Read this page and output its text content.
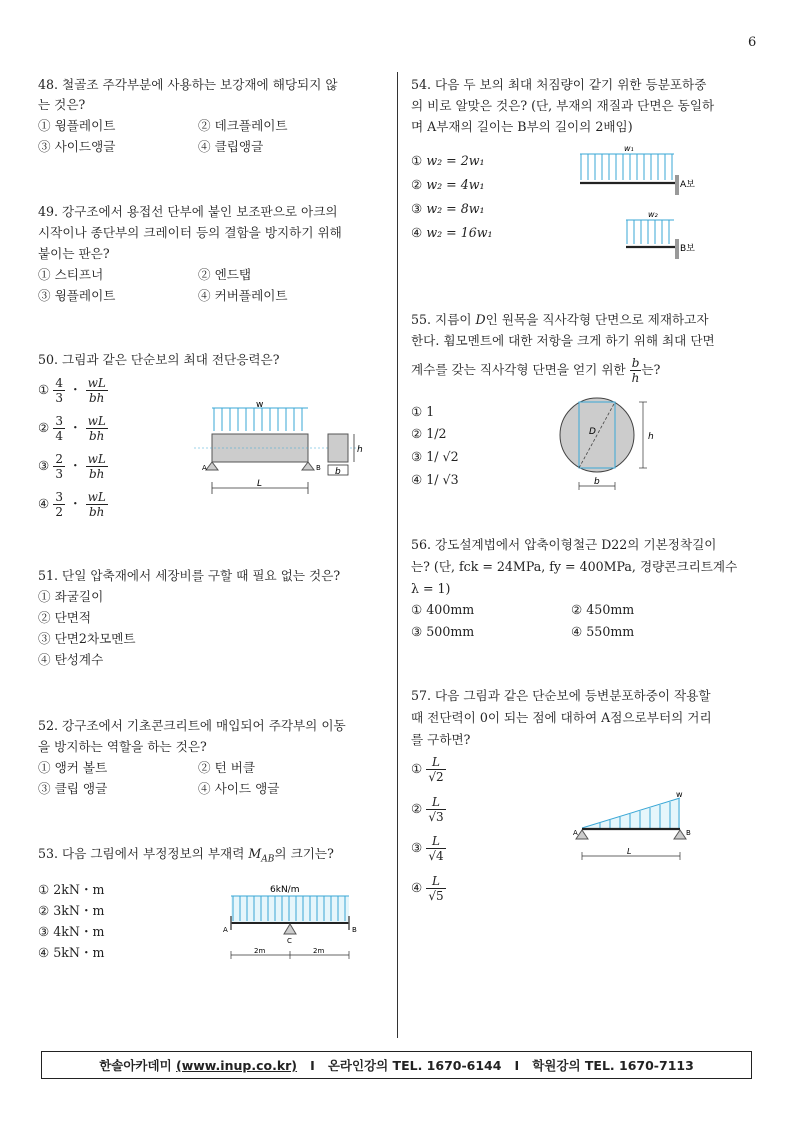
6
48. 철골조 주각부분에 사용하는 보강재에 해당되지 않
는 것은?
① 윙플레이트	② 데크플레이트
③ 사이드앵글	④ 클립앵글
49. 강구조에서 용접선 단부에 붙인 보조판으로 아크의
시작이나 종단부의 크레이터 등의 결함을 방지하기 위해
붙이는 판은?
① 스티프너	② 엔드탭
③ 윙플레이트	④ 커버플레이트
50. 그림과 같은 단순보의 최대 전단응력은?
① $\frac{4}{3}$ ・ $\frac{wL}{bh}$
② $\frac{3}{4}$ ・ $\frac{wL}{bh}$
③ $\frac{2}{3}$ ・ $\frac{wL}{bh}$
④ $\frac{3}{2}$ ・ $\frac{wL}{bh}$
w
A	B
L
h
b
51. 단일 압축재에서 세장비를 구할 때 필요 없는 것은?
① 좌굴길이
② 단면적
③ 단면2차모멘트
④ 탄성계수
52. 강구조에서 기초콘크리트에 매입되어 주각부의 이동
을 방지하는 역할을 하는 것은?
① 앵커 볼트	② 턴 버클
③ 클립 앵글	④ 사이드 앵글
53. 다음 그림에서 부정정보의 부재력 $M_{AB}$의 크기는?
① 2kN・m
② 3kN・m
③ 4kN・m
④ 5kN・m
6kN/m
A	B
C
2m	2m
54. 다음 두 보의 최대 처짐량이 같기 위한 등분포하중
의 비로 알맞은 것은? (단, 부재의 재질과 단면은 동일하
며 A부재의 길이는 B부의 길이의 2배임)
① w₂ = 2w₁
② w₂ = 4w₁
③ w₂ = 8w₁
④ w₂ = 16w₁
w₁
A보
w₂
B보
55. 지름이 D인 원목을 직사각형 단면으로 제재하고자
한다. 휨모멘트에 대한 저항을 크게 하기 위해 최대 단면
계수를 갖는 직사각형 단면을 얻기 위한 $\frac{b}{h}$ 는?
① 1
② 1/2
③ 1/ √2
④ 1/ √3
D	h
b
56. 강도설계법에서 압축이형철근 D22의 기본정착길이
는? (단, fck = 24MPa, fy = 400MPa, 경량콘크리트계수
λ = 1)
① 400mm	② 450mm
③ 500mm	④ 550mm
57. 다음 그림과 같은 단순보에 등변분포하중이 작용할
때 전단력이 0이 되는 점에 대하여 A점으로부터의 거리
를 구하면?
① $\frac{L}{√2}$
② $\frac{L}{√3}$
③ $\frac{L}{√4}$
④ $\frac{L}{√5}$
w
A	B
L
한솔아카데미 (www.inup.co.kr) I 온라인강의 TEL. 1670-6144 I 학원강의 TEL. 1670-7113
